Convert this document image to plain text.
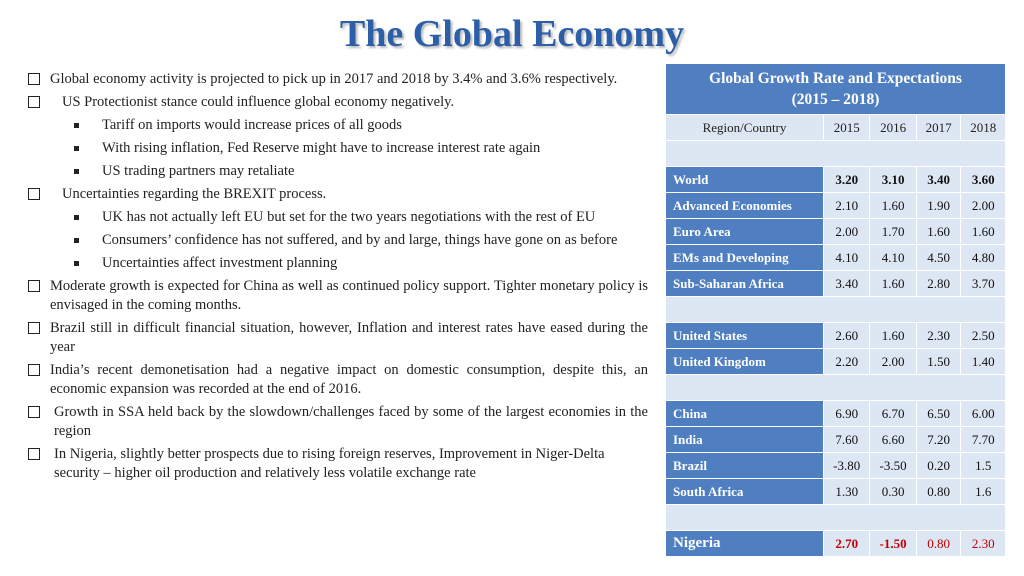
The Global Economy
Global economy activity is projected to pick up in 2017 and 2018 by 3.4% and 3.6% respectively.
US Protectionist stance could influence global economy negatively.
Tariff on imports would increase prices of all goods
With rising inflation, Fed Reserve might have to increase interest rate again
US trading partners may retaliate
Uncertainties regarding the BREXIT process.
UK has not actually left EU but set for the two years negotiations with the rest of EU
Consumers’ confidence has not suffered, and by and large, things have gone on as before
Uncertainties affect investment planning
Moderate growth is expected for China as well as continued policy support. Tighter monetary policy is envisaged in the coming months.
Brazil still in difficult financial situation, however, Inflation and interest rates have eased during the year
India’s recent demonetisation had a negative impact on domestic consumption, despite this, an economic expansion was recorded at the end of 2016.
Growth in SSA held back by the slowdown/challenges faced by some of the largest economies in the region
In Nigeria, slightly better prospects due to rising foreign reserves, Improvement in Niger-Delta security – higher oil production and relatively less volatile exchange rate
Global Growth Rate and Expectations
(2015 – 2018)				

Region/Country	2015	2016	2017	2018

World	3.20	3.10	3.40	3.60
Advanced Economies	2.10	1.60	1.90	2.00
Euro Area	2.00	1.70	1.60	1.60
EMs and Developing	4.10	4.10	4.50	4.80
Sub-Saharan Africa	3.40	1.60	2.80	3.70

United States	2.60	1.60	2.30	2.50
United Kingdom	2.20	2.00	1.50	1.40

China	6.90	6.70	6.50	6.00
India	7.60	6.60	7.20	7.70
Brazil	-3.80	-3.50	0.20	1.5
South Africa	1.30	0.30	0.80	1.6

Nigeria	2.70	-1.50	0.80	2.30
